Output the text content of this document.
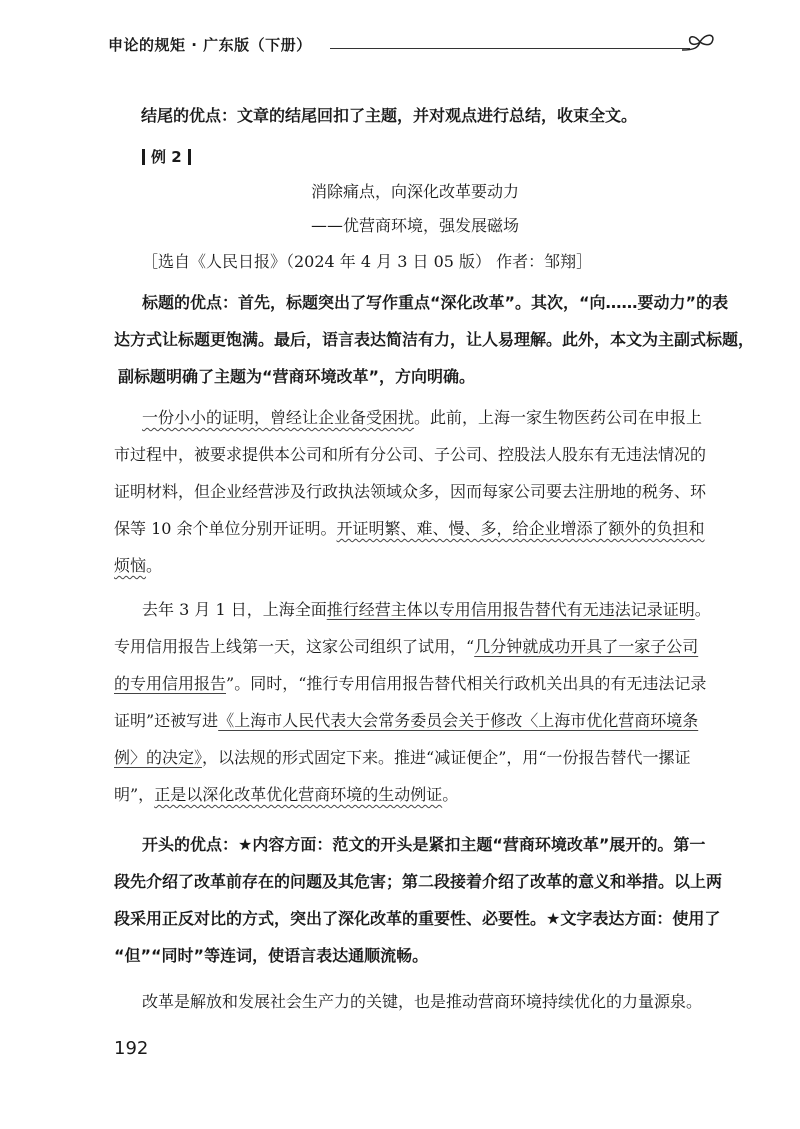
申论的规矩 · 广东版（下册）
结尾的优点：文章的结尾回扣了主题，并对观点进行总结，收束全文。
例 2
消除痛点，向深化改革要动力
——优营商环境，强发展磁场
［选自《人民日报》（2024 年 4 月 3 日 05 版） 作者：邹翔］
标题的优点：首先，标题突出了写作重点“深化改革”。其次，“向……要动力”的表
达方式让标题更饱满。最后，语言表达简洁有力，让人易理解。此外，本文为主副式标题，
副标题明确了主题为“营商环境改革”，方向明确。
一份小小的证明，曾经让企业备受困扰。此前，上海一家生物医药公司在申报上
市过程中，被要求提供本公司和所有分公司、子公司、控股法人股东有无违法情况的
证明材料，但企业经营涉及行政执法领域众多，因而每家公司要去注册地的税务、环
保等 10 余个单位分别开证明。开证明繁、难、慢、多，给企业增添了额外的负担和
烦恼。
去年 3 月 1 日，上海全面推行经营主体以专用信用报告替代有无违法记录证明。
专用信用报告上线第一天，这家公司组织了试用，“几分钟就成功开具了一家子公司
的专用信用报告”。同时，“推行专用信用报告替代相关行政机关出具的有无违法记录
证明”还被写进《上海市人民代表大会常务委员会关于修改〈上海市优化营商环境条
例〉的决定》，以法规的形式固定下来。推进“减证便企”，用“一份报告替代一摞证
明”，正是以深化改革优化营商环境的生动例证。
开头的优点：★内容方面：范文的开头是紧扣主题“营商环境改革”展开的。第一
段先介绍了改革前存在的问题及其危害；第二段接着介绍了改革的意义和举措。以上两
段采用正反对比的方式，突出了深化改革的重要性、必要性。★文字表达方面：使用了
“但”“同时”等连词，使语言表达通顺流畅。
改革是解放和发展社会生产力的关键，也是推动营商环境持续优化的力量源泉。
192
